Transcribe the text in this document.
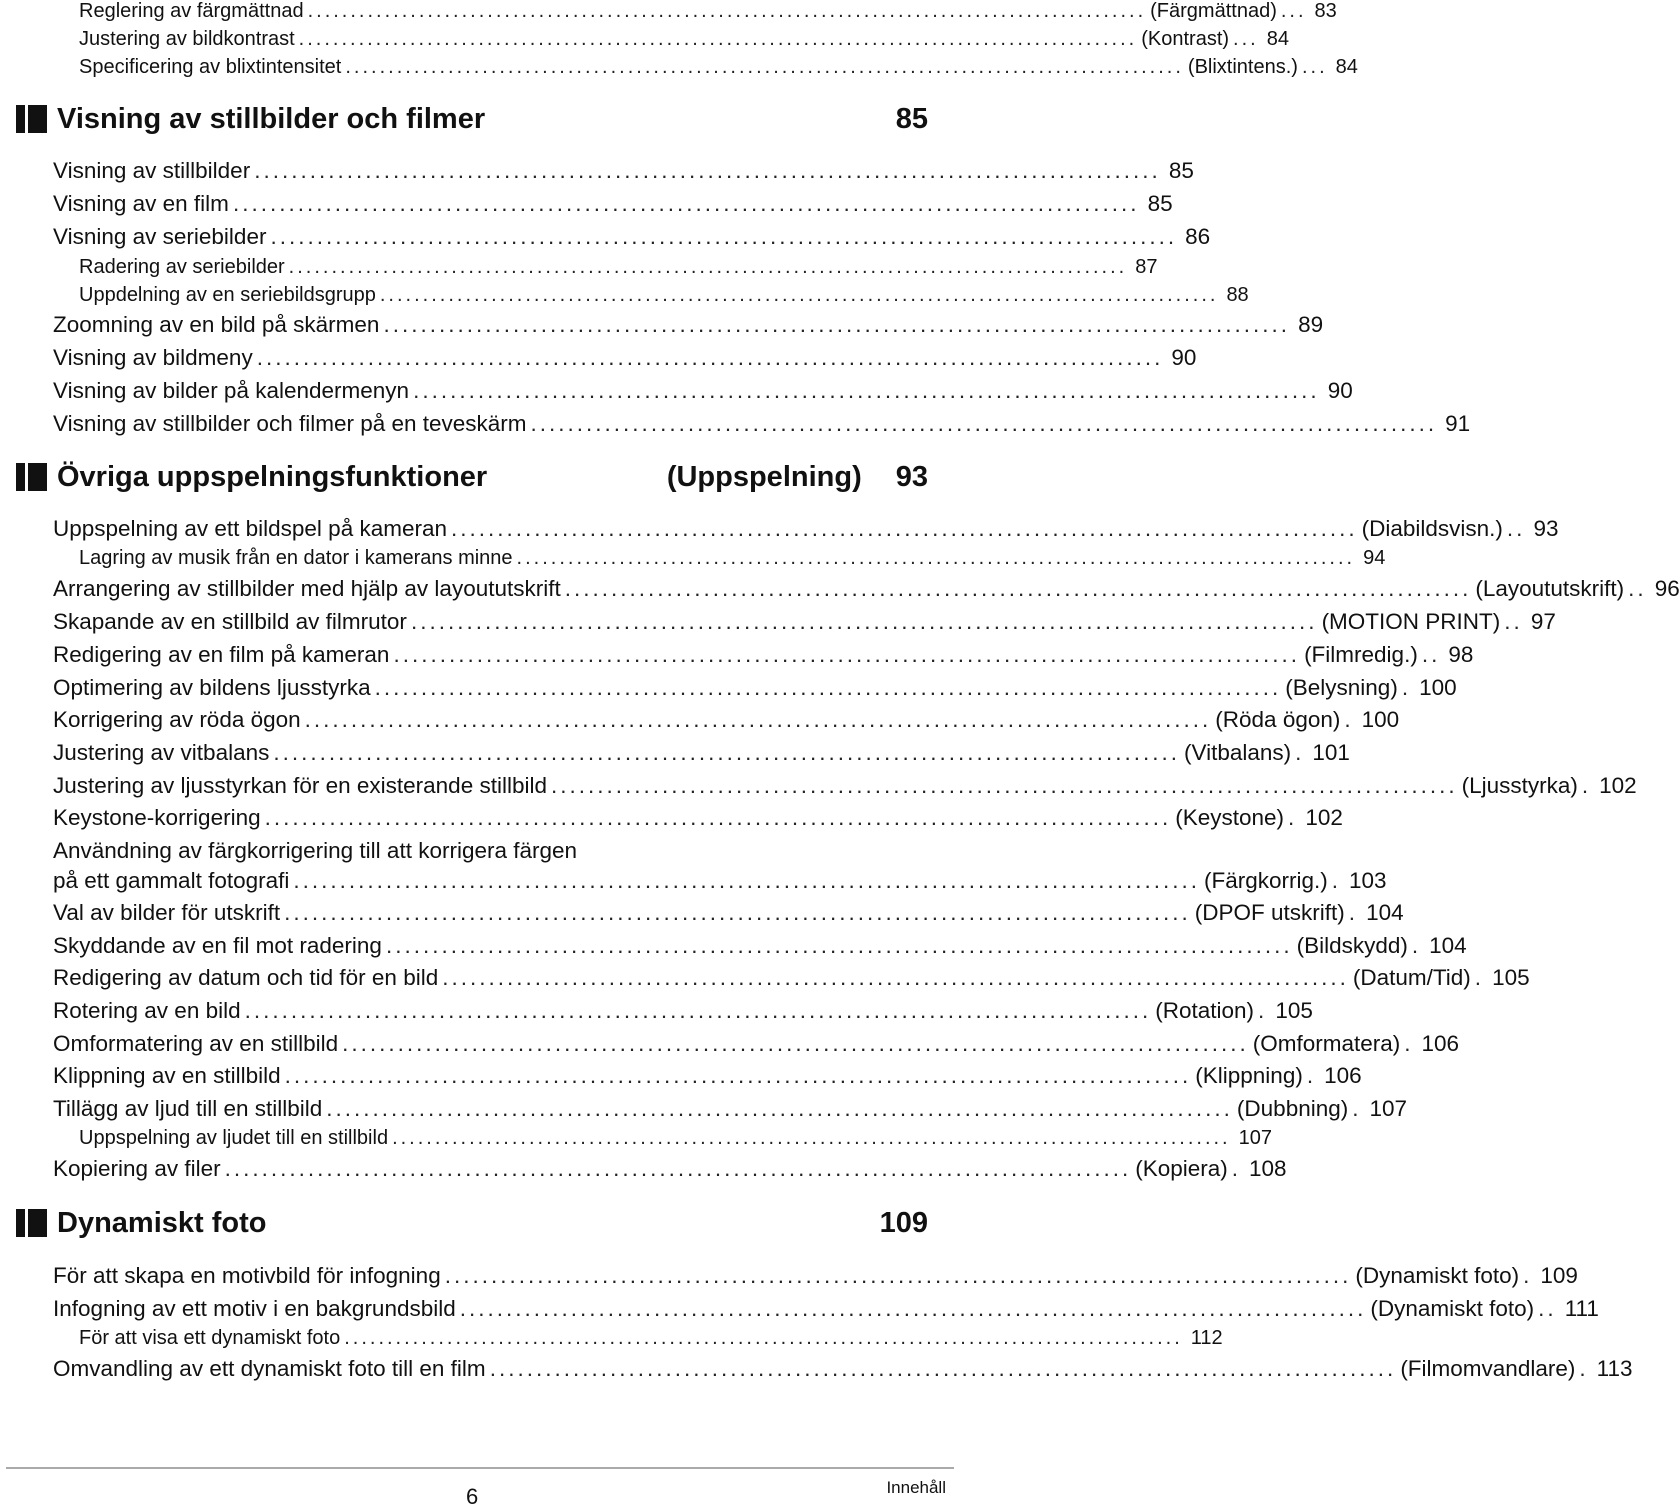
Reglering av färgmättnad .................................................................................................. (Färgmättnad) ... 83
Justering av bildkontrast .................................................................................................. (Kontrast) ... 84
Specificering av blixtintensitet .................................................................................................. (Blixtintens.) ... 84
Visning av stillbilder och filmer	85
Visning av stillbilder .................................................................................................. 85
Visning av en film .................................................................................................. 85
Visning av seriebilder .................................................................................................. 86
Radering av seriebilder .................................................................................................. 87
Uppdelning av en seriebildsgrupp .................................................................................................. 88
Zoomning av en bild på skärmen .................................................................................................. 89
Visning av bildmeny .................................................................................................. 90
Visning av bilder på kalendermenyn .................................................................................................. 90
Visning av stillbilder och filmer på en teveskärm .................................................................................................. 91
Övriga uppspelningsfunktioner	(Uppspelning) 93
Uppspelning av ett bildspel på kameran .................................................................................................. (Diabildsvisn.) .. 93
Lagring av musik från en dator i kamerans minne .................................................................................................. 94
Arrangering av stillbilder med hjälp av layoututskrift .................................................................................................. (Layoututskrift) .. 96
Skapande av en stillbild av filmrutor .................................................................................................. (MOTION PRINT) .. 97
Redigering av en film på kameran .................................................................................................. (Filmredig.) .. 98
Optimering av bildens ljusstyrka .................................................................................................. (Belysning) . 100
Korrigering av röda ögon .................................................................................................. (Röda ögon) . 100
Justering av vitbalans .................................................................................................. (Vitbalans) . 101
Justering av ljusstyrkan för en existerande stillbild .................................................................................................. (Ljusstyrka) . 102
Keystone-korrigering .................................................................................................. (Keystone) . 102
Användning av färgkorrigering till att korrigera färgen
på ett gammalt fotografi .................................................................................................. (Färgkorrig.) . 103
Val av bilder för utskrift .................................................................................................. (DPOF utskrift) . 104
Skyddande av en fil mot radering .................................................................................................. (Bildskydd) . 104
Redigering av datum och tid för en bild .................................................................................................. (Datum/Tid) . 105
Rotering av en bild .................................................................................................. (Rotation) . 105
Omformatering av en stillbild .................................................................................................. (Omformatera) . 106
Klippning av en stillbild .................................................................................................. (Klippning) . 106
Tillägg av ljud till en stillbild .................................................................................................. (Dubbning) . 107
Uppspelning av ljudet till en stillbild .................................................................................................. 107
Kopiering av filer .................................................................................................. (Kopiera) . 108
Dynamiskt foto	109
För att skapa en motivbild för infogning .................................................................................................. (Dynamiskt foto) . 109
Infogning av ett motiv i en bakgrundsbild .................................................................................................. (Dynamiskt foto) .. 111
För att visa ett dynamiskt foto .................................................................................................. 112
Omvandling av ett dynamiskt foto till en film .................................................................................................. (Filmomvandlare) . 113
6	Innehåll
